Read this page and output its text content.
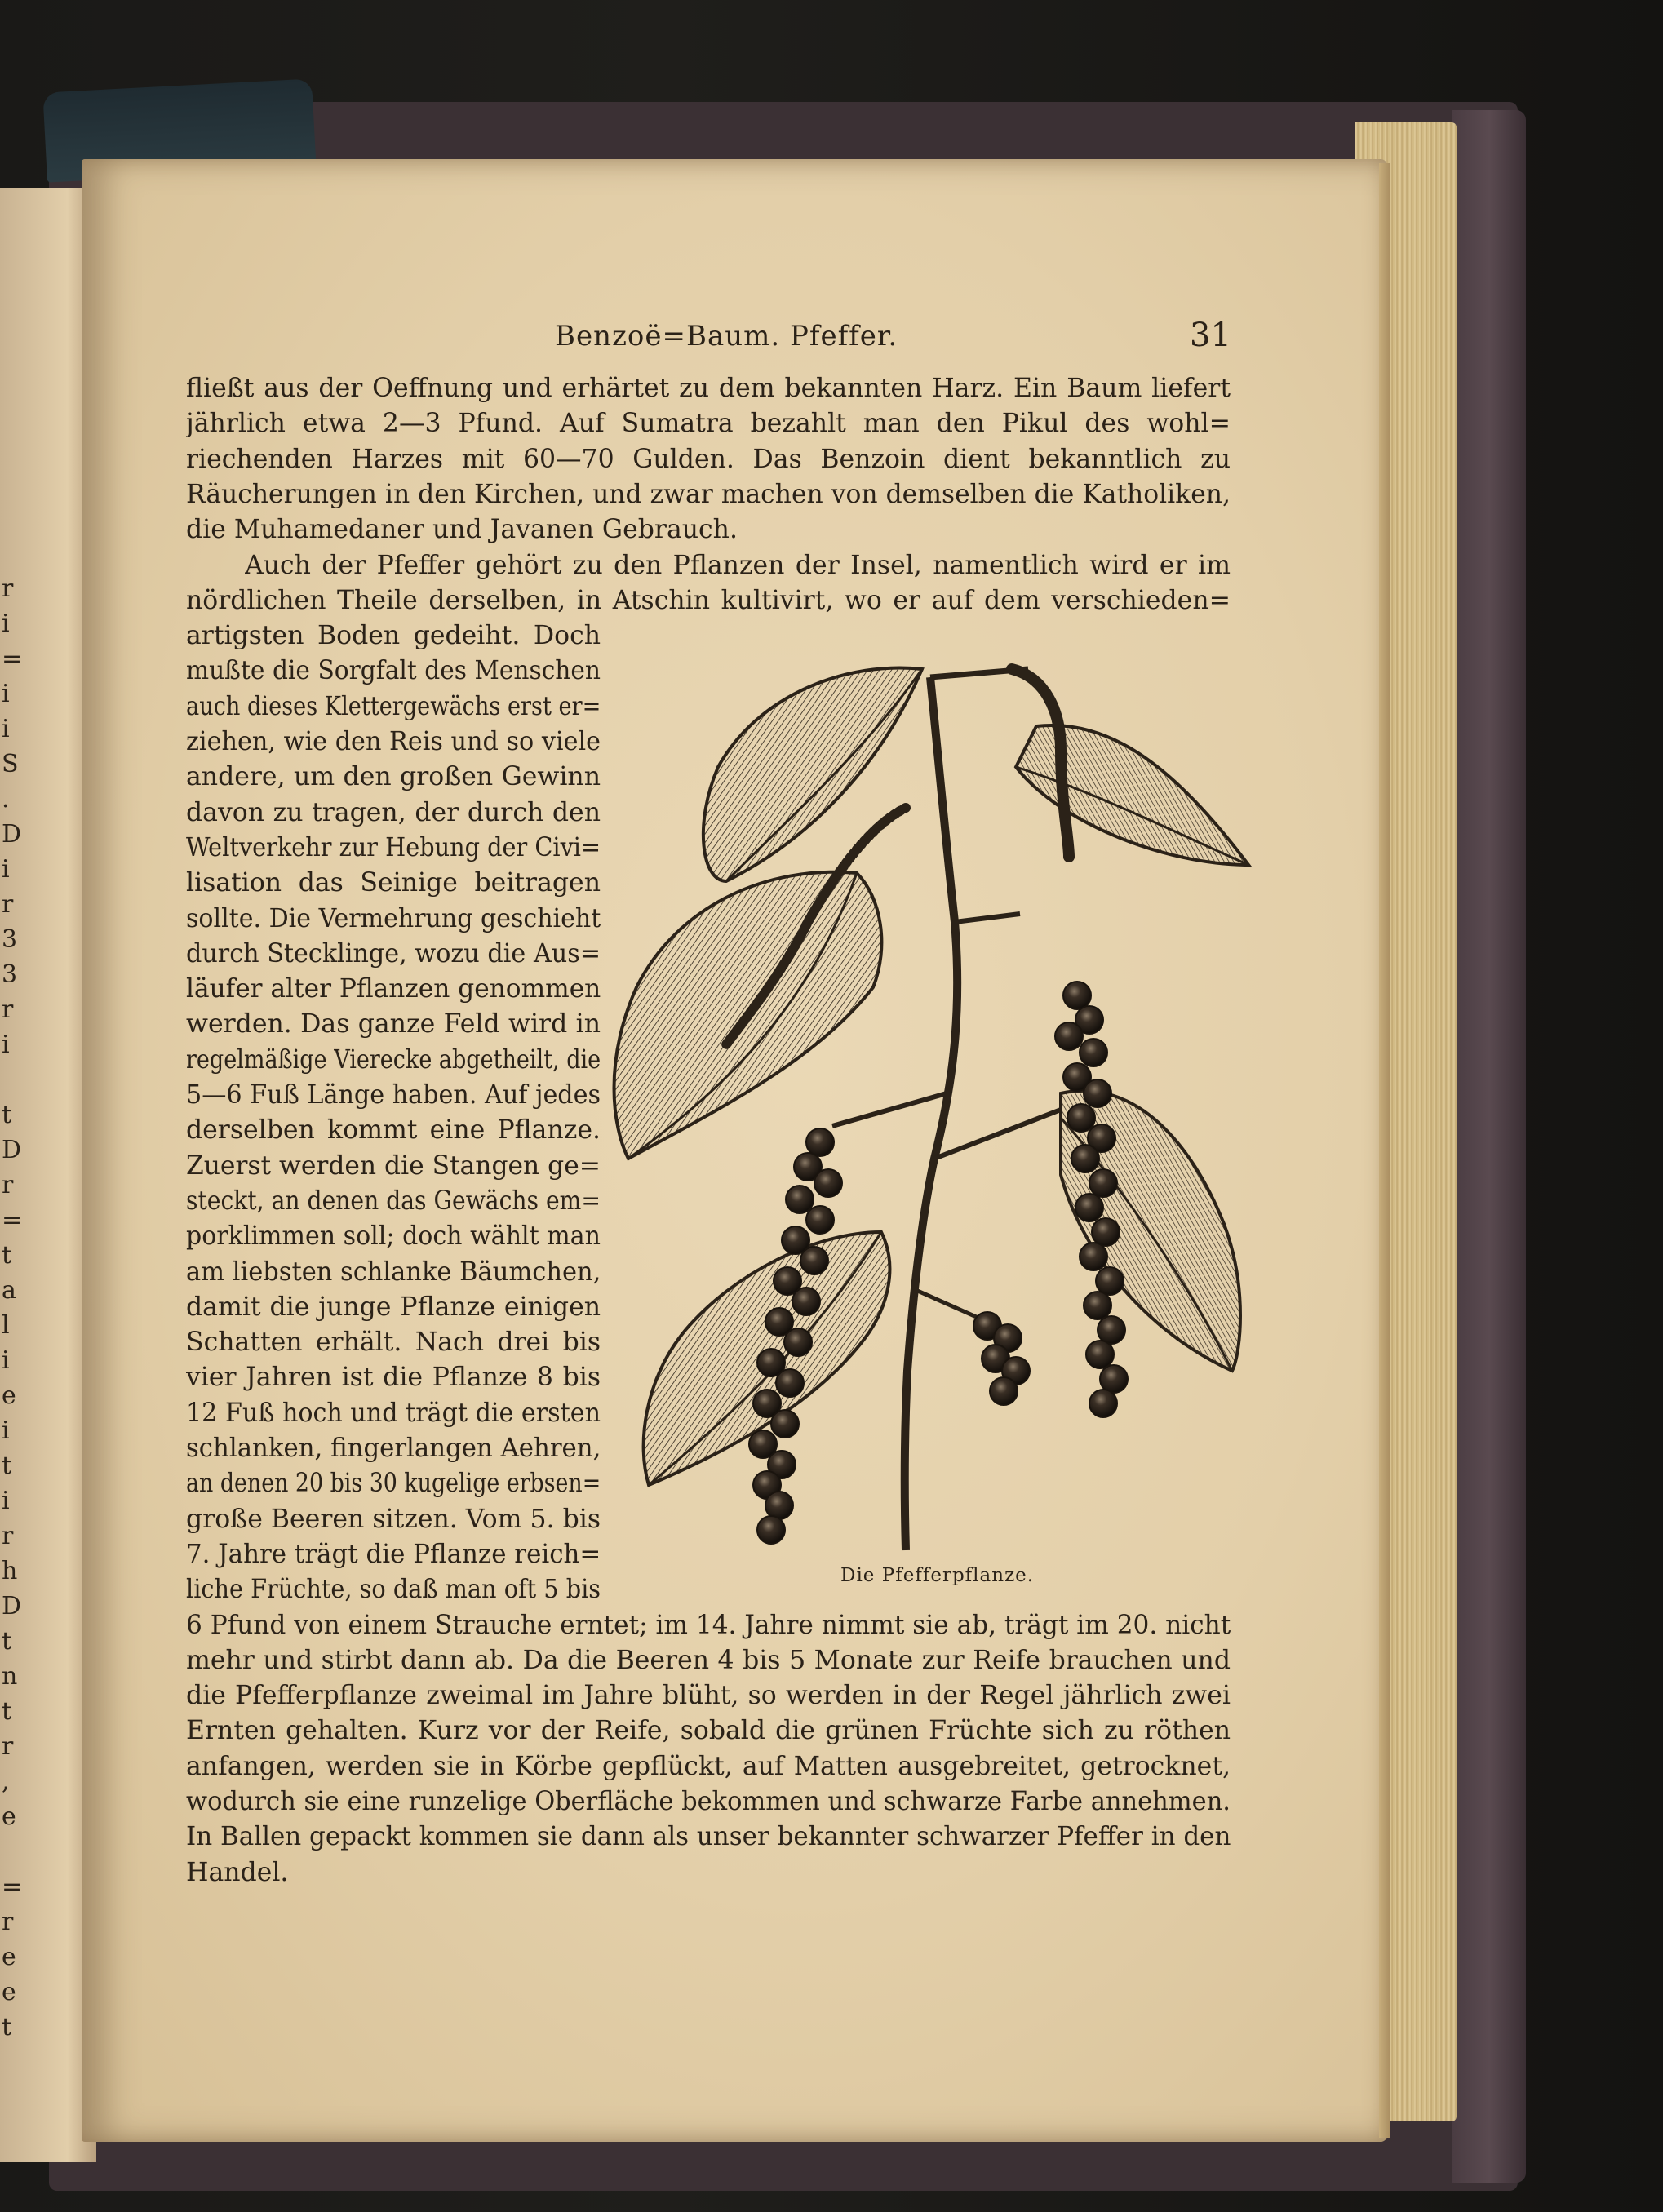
r
i
=
i
i
S
.
D
i
r
3
3
r
i

t
D
r
=
t
a
l
i
e
i
t
i
r
h
D
t
n
t
r
,
e

=
r
e
e
t
Benzoë=Baum. Pfeffer.	31
fließt aus der Oeffnung und erhärtet zu dem bekannten Harz. Ein Baum liefert
jährlich etwa 2—3 Pfund. Auf Sumatra bezahlt man den Pikul des wohl=
riechenden Harzes mit 60—70 Gulden. Das Benzoin dient bekanntlich zu
Räucherungen in den Kirchen, und zwar machen von demselben die Katholiken,
die Muhamedaner und Javanen Gebrauch.
Auch der Pfeffer gehört zu den Pflanzen der Insel, namentlich wird er im
nördlichen Theile derselben, in Atschin kultivirt, wo er auf dem verschieden=
artigsten Boden gedeiht. Doch
mußte die Sorgfalt des Menschen
auch dieses Klettergewächs erst er=
ziehen, wie den Reis und so viele
andere, um den großen Gewinn
davon zu tragen, der durch den
Weltverkehr zur Hebung der Civi=
lisation das Seinige beitragen
sollte. Die Vermehrung geschieht
durch Stecklinge, wozu die Aus=
läufer alter Pflanzen genommen
werden. Das ganze Feld wird in
regelmäßige Vierecke abgetheilt, die
5—6 Fuß Länge haben. Auf jedes
derselben kommt eine Pflanze.
Zuerst werden die Stangen ge=
steckt, an denen das Gewächs em=
porklimmen soll; doch wählt man
am liebsten schlanke Bäumchen,
damit die junge Pflanze einigen
Schatten erhält. Nach drei bis
vier Jahren ist die Pflanze 8 bis
12 Fuß hoch und trägt die ersten
schlanken, fingerlangen Aehren,
an denen 20 bis 30 kugelige erbsen=
große Beeren sitzen. Vom 5. bis
7. Jahre trägt die Pflanze reich=
liche Früchte, so daß man oft 5 bis
6 Pfund von einem Strauche erntet; im 14. Jahre nimmt sie ab, trägt im 20. nicht
mehr und stirbt dann ab. Da die Beeren 4 bis 5 Monate zur Reife brauchen und
die Pfefferpflanze zweimal im Jahre blüht, so werden in der Regel jährlich zwei
Ernten gehalten. Kurz vor der Reife, sobald die grünen Früchte sich zu röthen
anfangen, werden sie in Körbe gepflückt, auf Matten ausgebreitet, getrocknet,
wodurch sie eine runzelige Oberfläche bekommen und schwarze Farbe annehmen.
In Ballen gepackt kommen sie dann als unser bekannter schwarzer Pfeffer in den
Handel.
Die Pfefferpflanze.
